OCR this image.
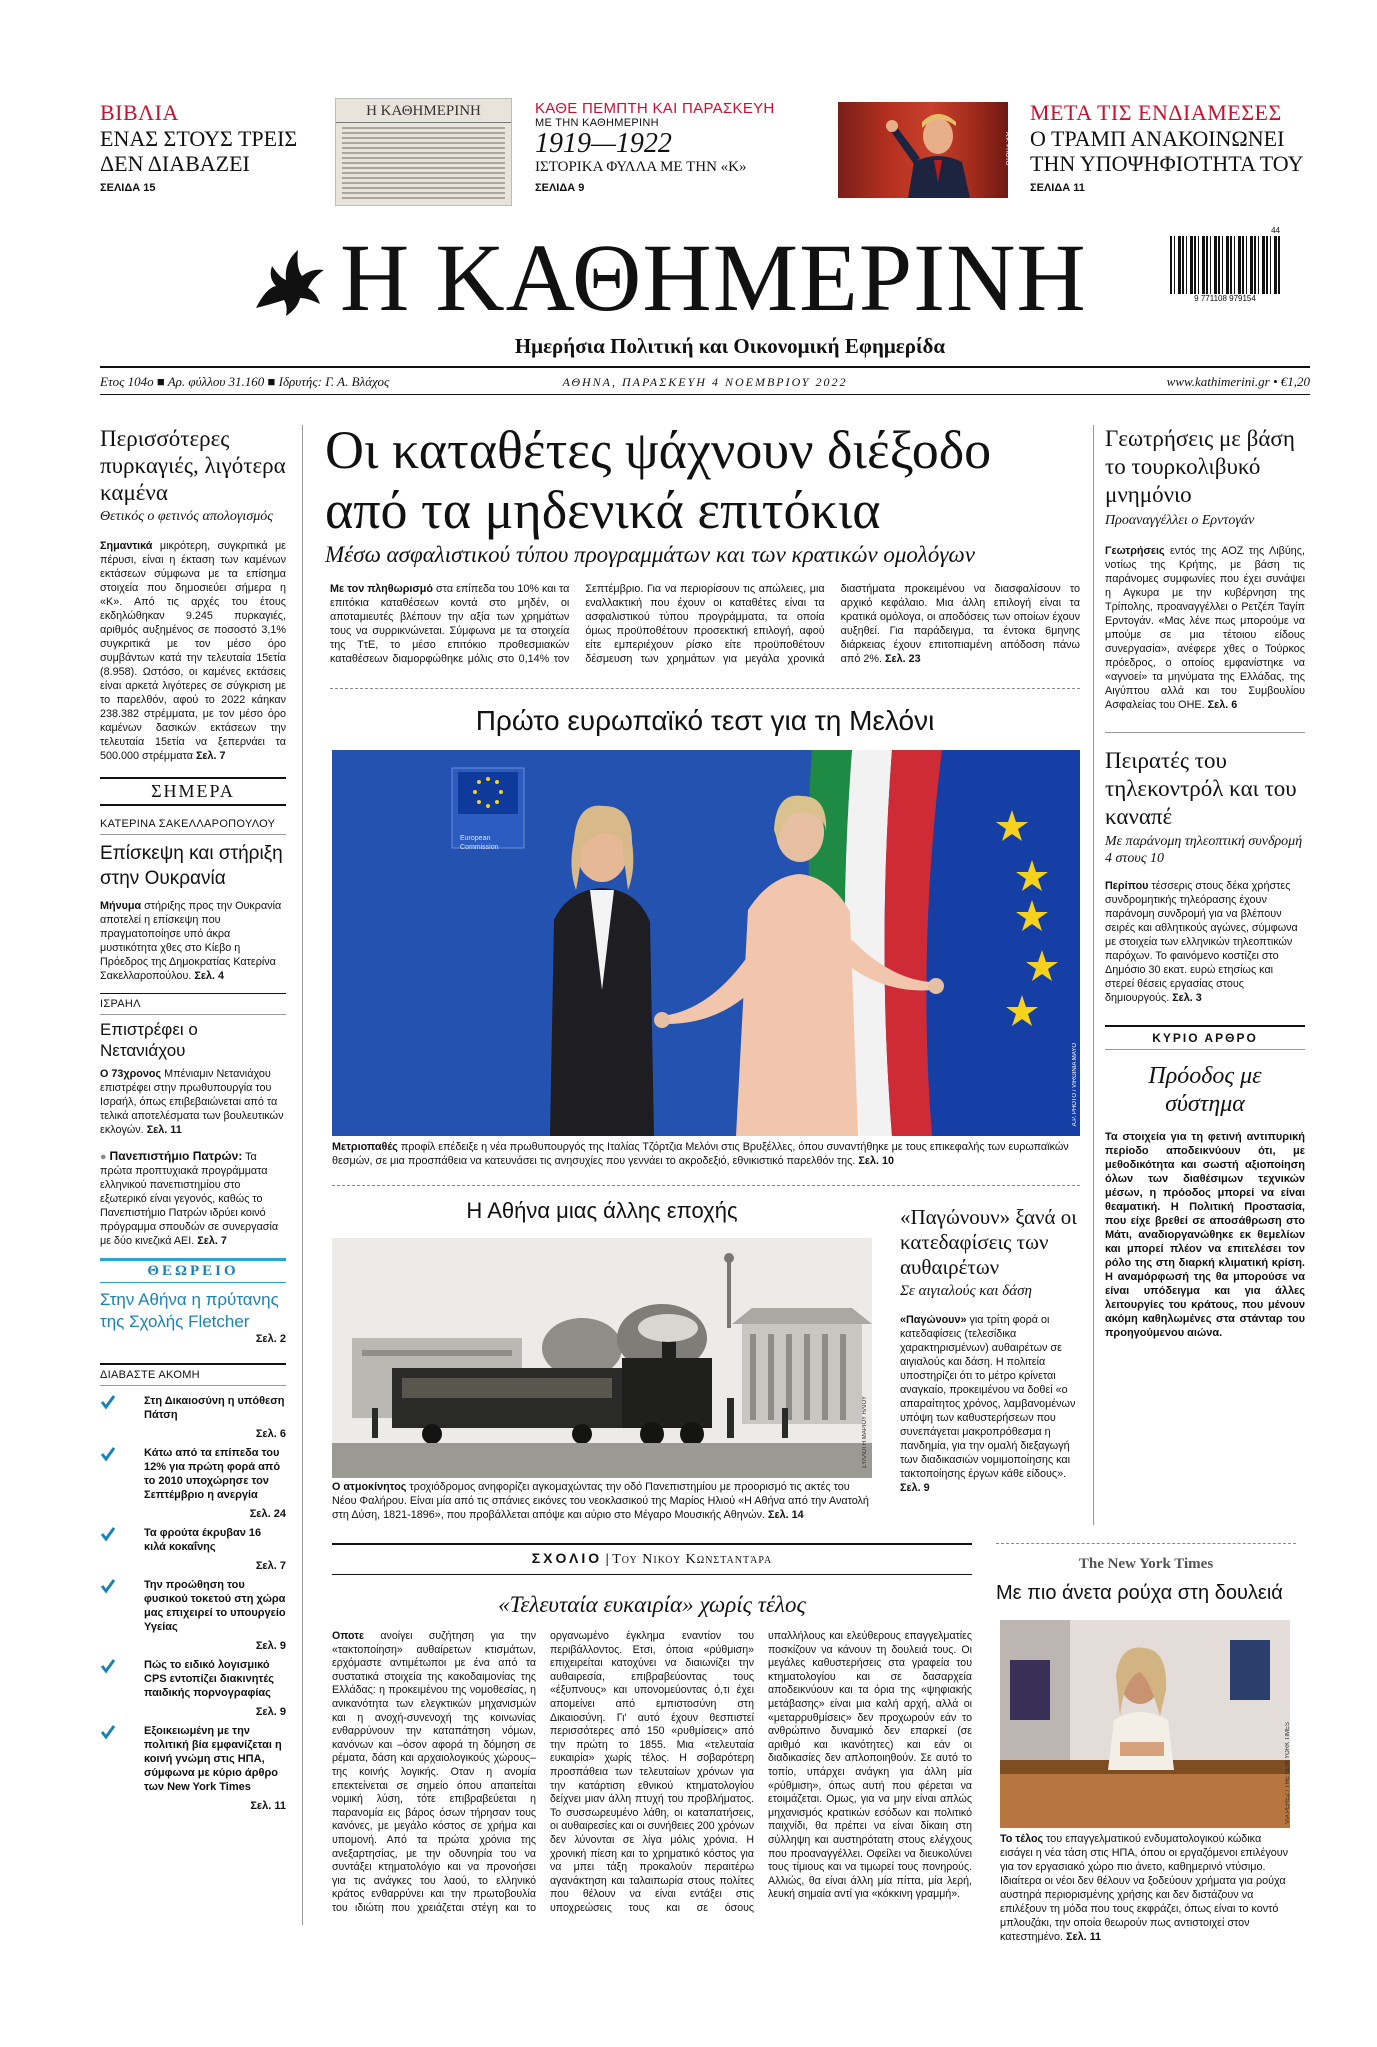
ΒΙΒΛΙΑ
ΕΝΑΣ ΣΤΟΥΣ ΤΡΕΙΣ ΔΕΝ ΔΙΑΒΑΖΕΙ
ΣΕΛΙΔΑ 15
Η ΚΑΘΗΜΕΡΙΝΗ	ΚΑΘΕ ΠΕΜΠΤΗ ΚΑΙ ΠΑΡΑΣΚΕΥΗ
ΜΕ ΤΗΝ ΚΑΘΗΜΕΡΙΝΗ
1919—1922
ΙΣΤΟΡΙΚΑ ΦΥΛΛΑ ΜΕ ΤΗΝ «Κ»
ΣΕΛΙΔΑ 9
A.P. PHOTO
ΜΕΤΑ ΤΙΣ ΕΝΔΙΑΜΕΣΕΣ
Ο ΤΡΑΜΠ ΑΝΑΚΟΙΝΩΝΕΙ ΤΗΝ ΥΠΟΨΗΦΙΟΤΗΤΑ ΤΟΥ
ΣΕΛΙΔΑ 11
Η ΚΑΘΗΜΕΡΙΝΗ	44
9 771108 979154
Ημερήσια Πολιτική και Οικονομική Εφημερίδα
Ετος 104ο ■ Αρ. φύλλου 31.160 ■ Ιδρυτής: Γ. Α. Βλάχος	ΑΘΗΝΑ, ΠΑΡΑΣΚΕΥΗ 4 ΝΟΕΜΒΡΙΟΥ 2022	www.kathimerini.gr • €1,20
Περισσότερες πυρκαγιές, λιγότερα καμένα
Θετικός ο φετινός απολογισμός
Σημαντικά μικρότερη, συγκριτικά με πέρυσι, είναι η έκταση των καμένων εκτάσεων σύμφωνα με τα επίσημα στοιχεία που δημοσιεύει σήμερα η «Κ». Από τις αρχές του έτους εκδηλώθηκαν 9.245 πυρκαγιές, αριθμός αυξημένος σε ποσοστό 3,1% συγκριτικά με τον μέσο όρο συμβάντων κατά την τελευταία 15ετία (8.958). Ωστόσο, οι καμένες εκτάσεις είναι αρκετά λιγότερες σε σύγκριση με το παρελθόν, αφού το 2022 κάηκαν 238.382 στρέμματα, με τον μέσο όρο καμένων δασικών εκτάσεων την τελευταία 15ετία να ξεπερνάει τα 500.000 στρέμματα Σελ. 7
ΣΗΜΕΡΑ
ΚΑΤΕΡΙΝΑ ΣΑΚΕΛΛΑΡΟΠΟΥΛΟΥ
Επίσκεψη και στήριξη στην Ουκρανία
Μήνυμα στήριξης προς την Ουκρανία αποτελεί η επίσκεψη που πραγματοποίησε υπό άκρα μυστικότητα χθες στο Κίεβο η Πρόεδρος της Δημοκρατίας Κατερίνα Σακελλαροπούλου. Σελ. 4
ΙΣΡΑΗΛ
Επιστρέφει ο Νετανιάχου
Ο 73χρονος Μπένιαμιν Νετανιάχου επιστρέφει στην πρωθυπουργία του Ισραήλ, όπως επιβεβαιώνεται από τα τελικά αποτελέσματα των βουλευτικών εκλογών. Σελ. 11
● Πανεπιστήμιο Πατρών: Τα πρώτα προπτυχιακά προγράμματα ελληνικού πανεπιστημίου στο εξωτερικό είναι γεγονός, καθώς το Πανεπιστήμιο Πατρών ιδρύει κοινό πρόγραμμα σπουδών σε συνεργασία με δύο κινεζικά ΑΕΙ. Σελ. 7
ΘΕΩΡΕΙΟ
Στην Αθήνα η πρύτανης της Σχολής Fletcher
Σελ. 2
ΔΙΑΒΑΣΤΕ ΑΚΟΜΗ
Στη Δικαιοσύνη η υπόθεση Πάτση
Σελ. 6
Κάτω από τα επίπεδα του 12% για πρώτη φορά από το 2010 υποχώρησε τον Σεπτέμβριο η ανεργία
Σελ. 24
Τα φρούτα έκρυβαν 16 κιλά κοκαΐνης
Σελ. 7
Την προώθηση του φυσικού τοκετού στη χώρα μας επιχειρεί το υπουργείο Υγείας
Σελ. 9
Πώς το ειδικό λογισμικό CPS εντοπίζει διακινητές παιδικής πορνογραφίας
Σελ. 9
Εξοικειωμένη με την πολιτική βία εμφανίζεται η κοινή γνώμη στις ΗΠΑ, σύμφωνα με κύριο άρθρο των New York Times
Σελ. 11
Οι καταθέτες ψάχνουν διέξοδο από τα μηδενικά επιτόκια
Μέσω ασφαλιστικού τύπου προγραμμάτων και των κρατικών ομολόγων
Με τον πληθωρισμό στα επίπεδα του 10% και τα επιτόκια καταθέσεων κοντά στο μηδέν, οι αποταμιευτές βλέπουν την αξία των χρημάτων τους να συρρικνώνεται. Σύμφωνα με τα στοιχεία της ΤτΕ, το μέσο επιτόκιο προθεσμιακών καταθέσεων διαμορφώθηκε μόλις στο 0,14% τον Σεπτέμβριο. Για να περιορίσουν τις απώλειες, μια εναλλακτική που έχουν οι καταθέτες είναι τα ασφαλιστικού τύπου προγράμματα, τα οποία όμως προϋποθέτουν προσεκτική επιλογή, αφού είτε εμπεριέχουν ρίσκο είτε προϋποθέτουν δέσμευση των χρημάτων για μεγάλα χρονικά διαστήματα προκειμένου να διασφαλίσουν το αρχικό κεφάλαιο. Μια άλλη επιλογή είναι τα κρατικά ομόλογα, οι αποδόσεις των οποίων έχουν αυξηθεί. Για παράδειγμα, τα έντοκα 6μηνης διάρκειας έχουν επιτοπιαμένη απόδοση πάνω από 2%. Σελ. 23
Πρώτο ευρωπαϊκό τεστ για τη Μελόνι
European Commission
A.P. PHOTO / VIRGINIA MAYO
Μετριοπαθές προφίλ επέδειξε η νέα πρωθυπουργός της Ιταλίας Τζόρτζια Μελόνι στις Βρυξέλλες, όπου συναντήθηκε με τους επικεφαλής των ευρωπαϊκών θεσμών, σε μια προσπάθεια να κατευνάσει τις ανησυχίες που γεννάει το ακροδεξιό, εθνικιστικό παρελθόν της. Σελ. 10
Η Αθήνα μιας άλλης εποχής
ΣΥΛΛΟΓΗ ΜΑΡΙΟΥ ΗΛΙΟΥ
Ο ατμοκίνητος τροχιόδρομος ανηφορίζει αγκομαχώντας την οδό Πανεπιστημίου με προορισμό τις ακτές του Νέου Φαλήρου. Είναι μία από τις σπάνιες εικόνες του νεοκλασικού της Μαρίος Ηλιού «Η Αθήνα από την Ανατολή στη Δύση, 1821-1896», που προβάλλεται απόψε και αύριο στο Μέγαρο Μουσικής Αθηνών. Σελ. 14
«Παγώνουν» ξανά οι κατεδαφίσεις των αυθαιρέτων
Σε αιγιαλούς και δάση
«Παγώνουν» για τρίτη φορά οι κατεδαφίσεις (τελεσίδικα χαρακτηρισμένων) αυθαιρέτων σε αιγιαλούς και δάση. Η πολιτεία υποστηρίζει ότι το μέτρο κρίνεται αναγκαίο, προκειμένου να δοθεί «ο απαραίτητος χρόνος, λαμβανομένων υπόψη των καθυστερήσεων που συνεπάγεται μακροπρόθεσμα η πανδημία, για την ομαλή διεξαγωγή των διαδικασιών νομιμοποίησης και τακτοποίησης έργων κάθε είδους». Σελ. 9
Γεωτρήσεις με βάση το τουρκολιβυκό μνημόνιο
Προαναγγέλλει ο Ερντογάν
Γεωτρήσεις εντός της ΑΟΖ της Λιβύης, νοτίως της Κρήτης, με βάση τις παράνομες συμφωνίες που έχει συνάψει η Αγκυρα με την κυβέρνηση της Τρίπολης, προαναγγέλλει ο Ρετζέπ Ταγίπ Ερντογάν. «Μας λένε πως μπορούμε να μπούμε σε μια τέτοιου είδους συνεργασία», ανέφερε χθες ο Τούρκος πρόεδρος, ο οποίος εμφανίστηκε να «αγνοεί» τα μηνύματα της Ελλάδας, της Αιγύπτου αλλά και του Συμβουλίου Ασφαλείας του ΟΗΕ. Σελ. 6
Πειρατές του τηλεκοντρόλ και του καναπέ
Με παράνομη τηλεοπτική συνδρομή 4 στους 10
Περίπου τέσσερις στους δέκα χρήστες συνδρομητικής τηλεόρασης έχουν παράνομη συνδρομή για να βλέπουν σειρές και αθλητικούς αγώνες, σύμφωνα με στοιχεία των ελληνικών τηλεοπτικών παρόχων. Το φαινόμενο κοστίζει στο Δημόσιο 30 εκατ. ευρώ ετησίως και στερεί θέσεις εργασίας στους δημιουργούς. Σελ. 3
ΚΥΡΙΟ ΑΡΘΡΟ
Πρόοδος με σύστημα
Τα στοιχεία για τη φετινή αντιπυρική περίοδο αποδεικνύουν ότι, με μεθοδικότητα και σωστή αξιοποίηση όλων των διαθέσιμων τεχνικών μέσων, η πρόοδος μπορεί να είναι θεαματική. Η Πολιτική Προστασία, που είχε βρεθεί σε αποσάθρωση στο Μάτι, αναδιοργανώθηκε εκ θεμελίων και μπορεί πλέον να επιτελέσει τον ρόλο της στη διαρκή κλιματική κρίση. Η αναμόρφωσή της θα μπορούσε να είναι υπόδειγμα και για άλλες λειτουργίες του κράτους, που μένουν ακόμη καθηλωμένες στα στάνταρ του προηγούμενου αιώνα.
ΣΧΟΛΙΟ | Του Νικου Κωνσταντάρα
«Τελευταία ευκαιρία» χωρίς τέλος
Οποτε ανοίγει συζήτηση για την «τακτοποίηση» αυθαίρετων κτισμάτων, ερχόμαστε αντιμέτωποι με ένα από τα συστατικά στοιχεία της κακοδαιμονίας της Ελλάδας: η προκειμένου της νομοθεσίας, η ανικανότητα των ελεγκτικών μηχανισμών και η ανοχή-συνενοχή της κοινωνίας ενθαρρύνουν την καταπάτηση νόμων, κανόνων και –όσον αφορά τη δόμηση σε ρέματα, δάση και αρχαιολογικούς χώρους– της κοινής λογικής. Οταν η ανομία επεκτείνεται σε σημείο όπου απαιτείται νομική λύση, τότε επιβραβεύεται η παρανομία εις βάρος όσων τήρησαν τους κανόνες, με μεγάλο κόστος σε χρήμα και υπομονή. Από τα πρώτα χρόνια της ανεξαρτησίας, με την οδυνηρία του να συντάξει κτηματολόγιο και να προνοήσει για τις ανάγκες του λαού, το ελληνικό κράτος ενθαρρύνει και την πρωτοβουλία του ιδιώτη που χρειάζεται στέγη και το οργανωμένο έγκλημα εναντίον του περιβάλλοντος. Ετσι, όποια «ρύθμιση» επιχειρείται κατοχύνει να διαιωνίζει την αυθαιρεσία, επιβραβεύοντας τους «έξυπνους» και υπονομεύοντας ό,τι έχει απομείνει από εμπιστοσύνη στη Δικαιοσύνη. Γι' αυτό έχουν θεσπιστεί περισσότερες από 150 «ρυθμίσεις» από την πρώτη το 1855. Μια «τελευταία ευκαιρία» χωρίς τέλος. Η σοβαρότερη προσπάθεια των τελευταίων χρόνων για την κατάρτιση εθνικού κτηματολογίου δείχνει μιαν άλλη πτυχή του προβλήματος. Το συσσωρευμένο λάθη, οι καταπατήσεις, οι αυθαιρεσίες και οι συνήθειες 200 χρόνων δεν λύνονται σε λίγα μόλις χρόνια. Η χρονική πίεση και το χρηματικό κόστος για να μπει τάξη προκαλούν περαιτέρω αγανάκτηση και ταλαιπωρία στους πολίτες που θέλουν να είναι εντάξει στις υποχρεώσεις τους και σε όσους υπαλλήλους και ελεύθερους επαγγελματίες ποσκίζουν να κάνουν τη δουλειά τους. Οι μεγάλες καθυστερήσεις στα γραφεία του κτηματολογίου και σε δασαρχεία αποδεικνύουν και τα όρια της «ψηφιακής μετάβασης» είναι μια καλή αρχή, αλλά οι «μεταρρυθμίσεις» δεν προχωρούν εάν το ανθρώπινο δυναμικό δεν επαρκεί (σε αριθμό και ικανότητες) και εάν οι διαδικασίες δεν απλοποιηθούν. Σε αυτό το τοπίο, υπάρχει ανάγκη για άλλη μία «ρύθμιση», όπως αυτή που φέρεται να ετοιμάζεται. Ομως, για να μην είναι απλώς μηχανισμός κρατικών εσόδων και πολιτικό παιχνίδι, θα πρέπει να είναι δίκαιη στη σύλληψη και αυστηρότατη στους ελέγχους που προαναγγέλλει. Οφείλει να διευκολύνει τους τίμιους και να τιμωρεί τους πονηρούς. Αλλιώς, θα είναι άλλη μία πίττα, μία λερή, λευκή σημαία αντί για «κόκκινη γραμμή».
The New York Times
Με πιο άνετα ρούχα στη δουλειά
VIA PEREZ / THE NEW YORK TIMES
Το τέλος του επαγγελματικού ενδυματολογικού κώδικα εισάγει η νέα τάση στις ΗΠΑ, όπου οι εργαζόμενοι επιλέγουν για τον εργασιακό χώρο πιο άνετο, καθημερινό ντύσιμο. Ιδιαίτερα οι νέοι δεν θέλουν να ξοδεύουν χρήματα για ρούχα αυστηρά περιορισμένης χρήσης και δεν διστάζουν να επιλέξουν τη μόδα που τους εκφράζει, όπως είναι το κοντό μπλουζάκι, την οποία θεωρούν πως αντιστοιχεί στον κατεστημένο. Σελ. 11
